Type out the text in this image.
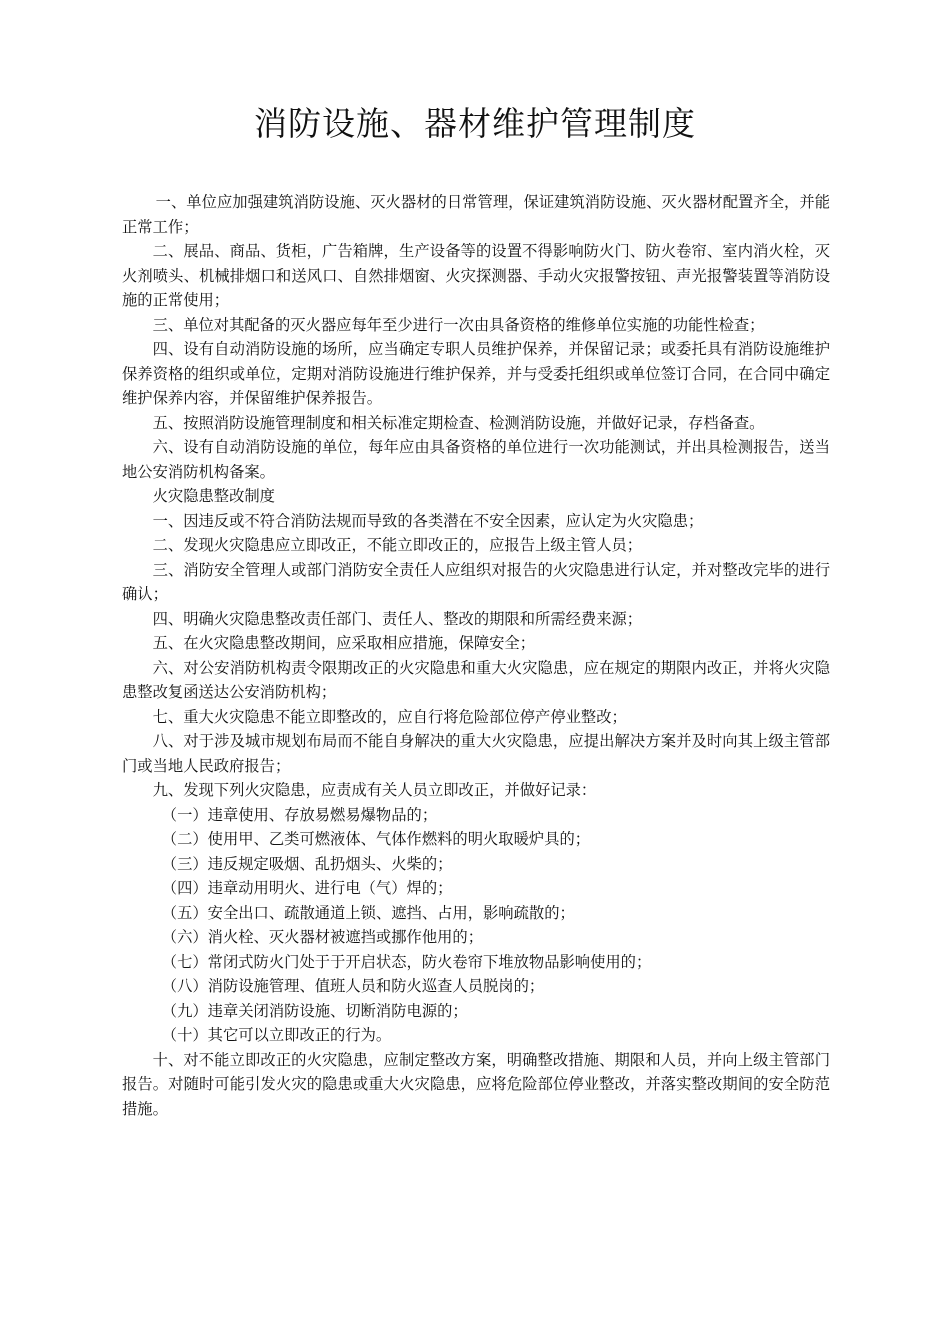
消防设施、器材维护管理制度

一、单位应加强建筑消防设施、灭火器材的日常管理，保证建筑消防设施、灭火器材配置齐全，并能正常工作；

二、展品、商品、货柜，广告箱牌，生产设备等的设置不得影响防火门、防火卷帘、室内消火栓，灭火剂喷头、机械排烟口和送风口、自然排烟窗、火灾探测器、手动火灾报警按钮、声光报警装置等消防设施的正常使用；

三、单位对其配备的灭火器应每年至少进行一次由具备资格的维修单位实施的功能性检查；

四、设有自动消防设施的场所，应当确定专职人员维护保养，并保留记录；或委托具有消防设施维护保养资格的组织或单位，定期对消防设施进行维护保养，并与受委托组织或单位签订合同，在合同中确定维护保养内容，并保留维护保养报告。

五、按照消防设施管理制度和相关标准定期检查、检测消防设施，并做好记录，存档备查。

六、设有自动消防设施的单位，每年应由具备资格的单位进行一次功能测试，并出具检测报告，送当地公安消防机构备案。

火灾隐患整改制度

一、因违反或不符合消防法规而导致的各类潜在不安全因素，应认定为火灾隐患；

二、发现火灾隐患应立即改正，不能立即改正的，应报告上级主管人员；

三、消防安全管理人或部门消防安全责任人应组织对报告的火灾隐患进行认定，并对整改完毕的进行确认；

四、明确火灾隐患整改责任部门、责任人、整改的期限和所需经费来源；

五、在火灾隐患整改期间，应采取相应措施，保障安全；

六、对公安消防机构责令限期改正的火灾隐患和重大火灾隐患，应在规定的期限内改正，并将火灾隐患整改复函送达公安消防机构；

七、重大火灾隐患不能立即整改的，应自行将危险部位停产停业整改；

八、对于涉及城市规划布局而不能自身解决的重大火灾隐患，应提出解决方案并及时向其上级主管部门或当地人民政府报告；

九、发现下列火灾隐患，应责成有关人员立即改正，并做好记录：

（一）违章使用、存放易燃易爆物品的；

（二）使用甲、乙类可燃液体、气体作燃料的明火取暖炉具的；

（三）违反规定吸烟、乱扔烟头、火柴的；

（四）违章动用明火、进行电（气）焊的；

（五）安全出口、疏散通道上锁、遮挡、占用，影响疏散的；

（六）消火栓、灭火器材被遮挡或挪作他用的；

（七）常闭式防火门处于于开启状态，防火卷帘下堆放物品影响使用的；

（八）消防设施管理、值班人员和防火巡查人员脱岗的；

（九）违章关闭消防设施、切断消防电源的；

（十）其它可以立即改正的行为。

十、对不能立即改正的火灾隐患，应制定整改方案，明确整改措施、期限和人员，并向上级主管部门报告。对随时可能引发火灾的隐患或重大火灾隐患，应将危险部位停业整改，并落实整改期间的安全防范措施。
